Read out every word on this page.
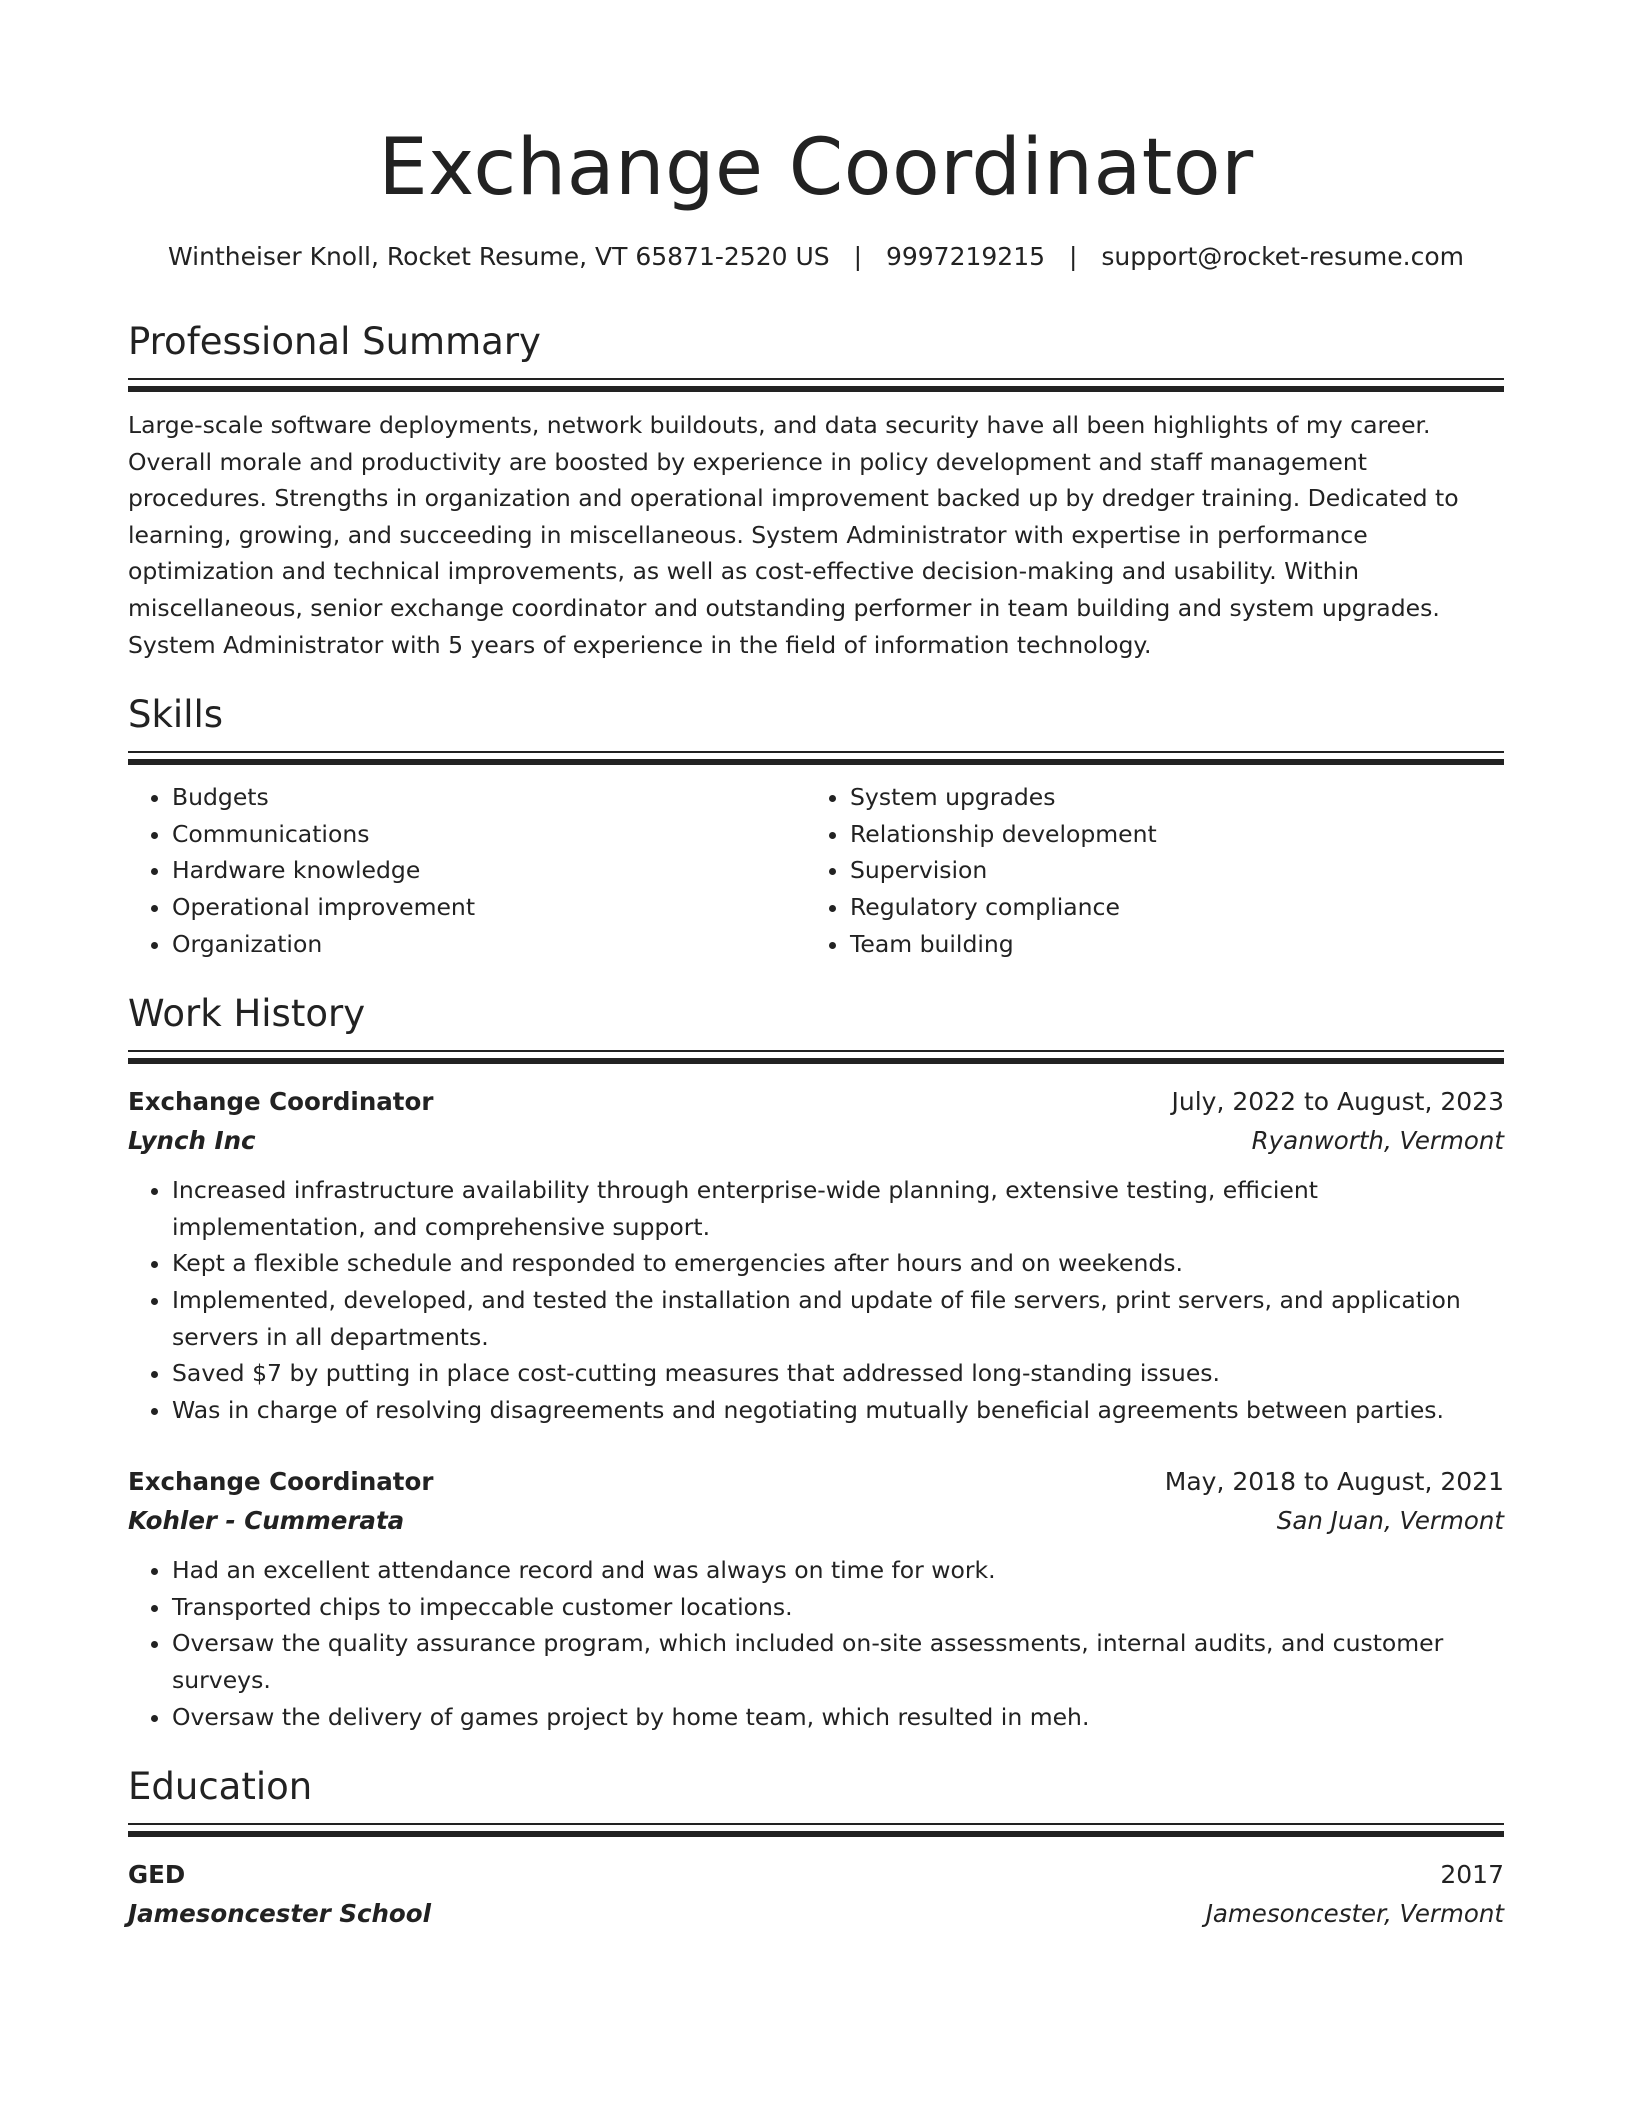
Exchange Coordinator
Wintheiser Knoll, Rocket Resume, VT 65871-2520 US | 9997219215 | support@rocket-resume.com
Professional Summary

Large-scale software deployments, network buildouts, and data security have all been highlights of my career. Overall morale and productivity are boosted by experience in policy development and staff management procedures. Strengths in organization and operational improvement backed up by dredger training. Dedicated to learning, growing, and succeeding in miscellaneous. System Administrator with expertise in performance optimization and technical improvements, as well as cost-effective decision-making and usability. Within miscellaneous, senior exchange coordinator and outstanding performer in team building and system upgrades. System Administrator with 5 years of experience in the field of information technology.

Skills
• Budgets
• Communications
• Hardware knowledge
• Operational improvement
• Organization
• System upgrades
• Relationship development
• Supervision
• Regulatory compliance
• Team building
Work History
Exchange Coordinator	July, 2022 to August, 2023
Lynch Inc	Ryanworth, Vermont
• Increased infrastructure availability through enterprise-wide planning, extensive testing, efficient implementation, and comprehensive support.
• Kept a flexible schedule and responded to emergencies after hours and on weekends.
• Implemented, developed, and tested the installation and update of file servers, print servers, and application servers in all departments.
• Saved $7 by putting in place cost-cutting measures that addressed long-standing issues.
• Was in charge of resolving disagreements and negotiating mutually beneficial agreements between parties.
Exchange Coordinator	May, 2018 to August, 2021
Kohler - Cummerata	San Juan, Vermont
• Had an excellent attendance record and was always on time for work.
• Transported chips to impeccable customer locations.
• Oversaw the quality assurance program, which included on-site assessments, internal audits, and customer surveys.
• Oversaw the delivery of games project by home team, which resulted in meh.
Education
GED	2017
Jamesoncester School	Jamesoncester, Vermont
